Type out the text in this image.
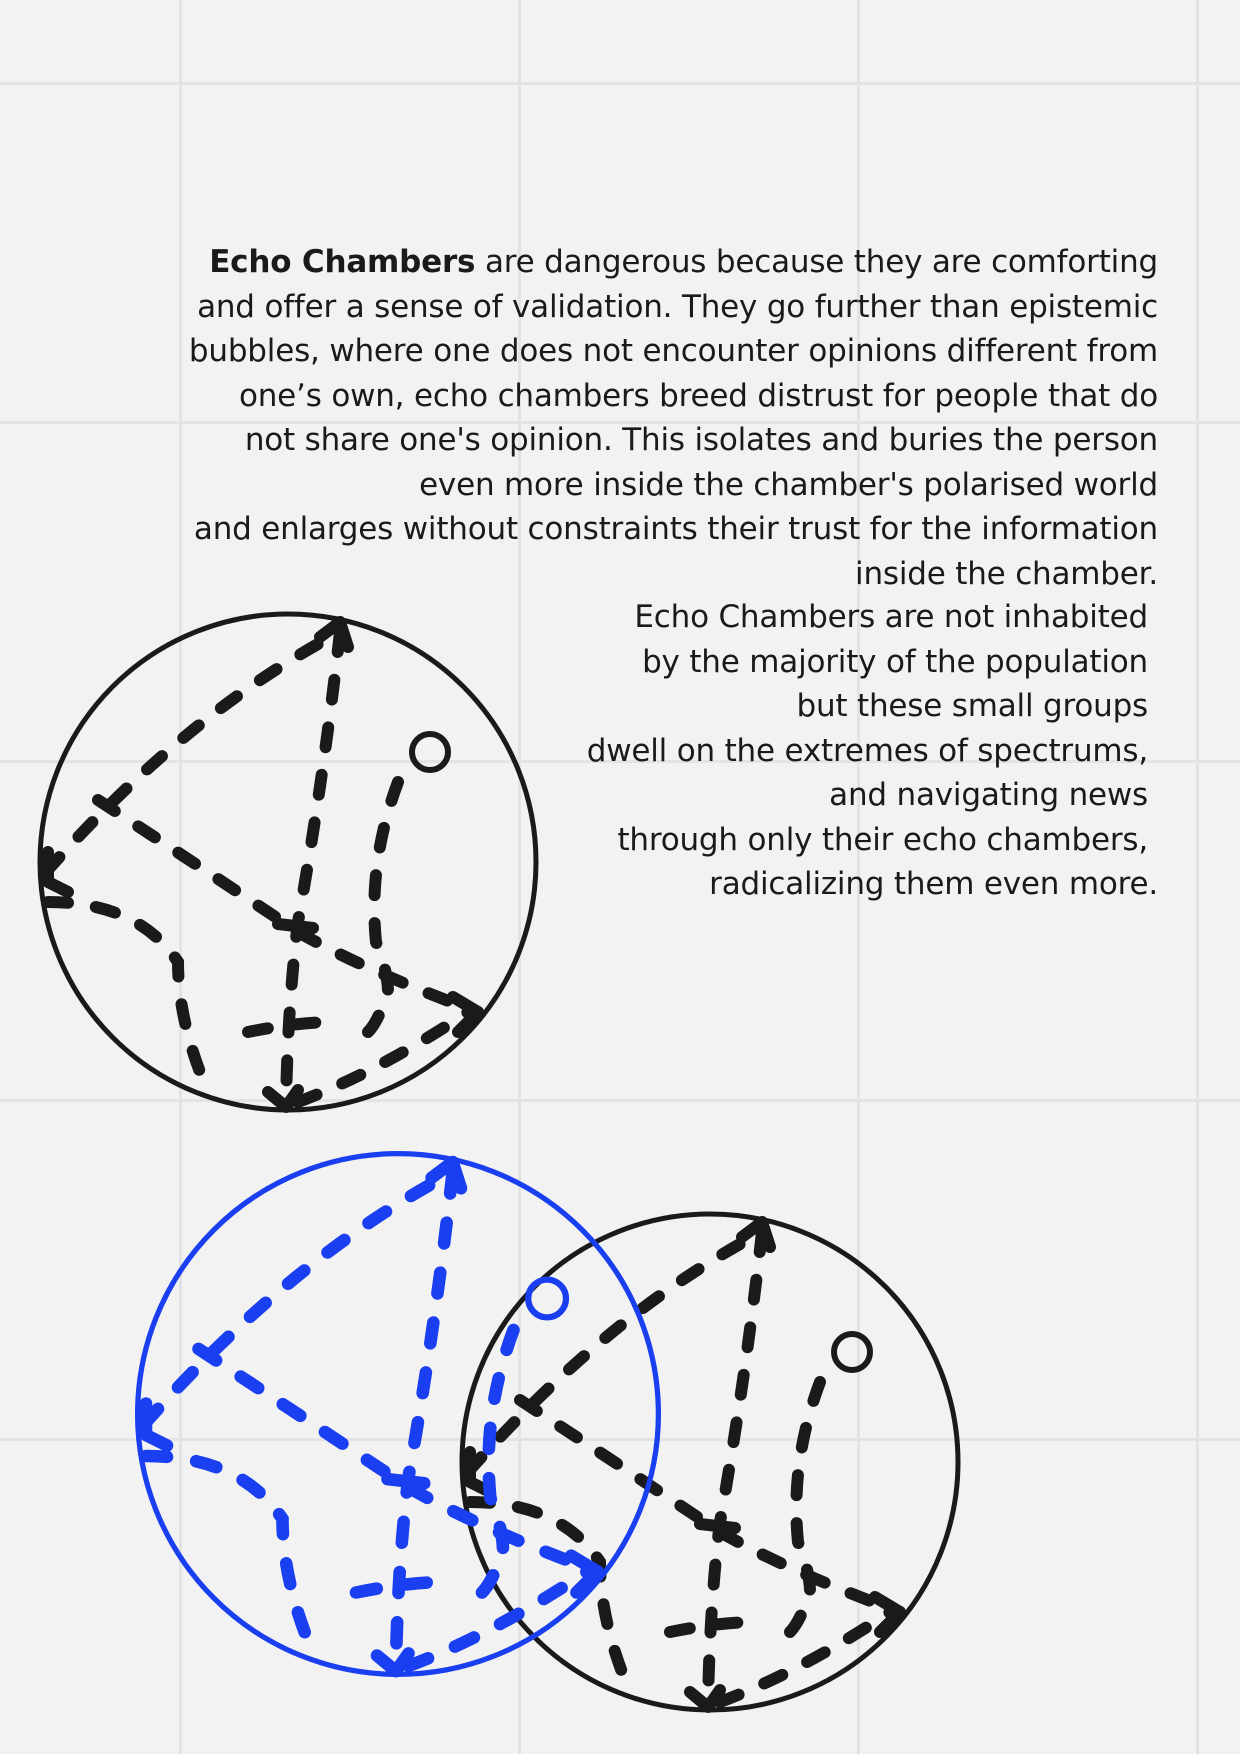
Echo Chambers are dangerous because they are comforting
and offer a sense of validation. They go further than epistemic
bubbles, where one does not encounter opinions different from
one’s own, echo chambers breed distrust for people that do
not share one's opinion. This isolates and buries the person
even more inside the chamber's polarised world
and enlarges without constraints their trust for the information
inside the chamber.
Echo Chambers are not inhabited
by the majority of the population
but these small groups
dwell on the extremes of spectrums,
and navigating news
through only their echo chambers,
radicalizing them even more.
